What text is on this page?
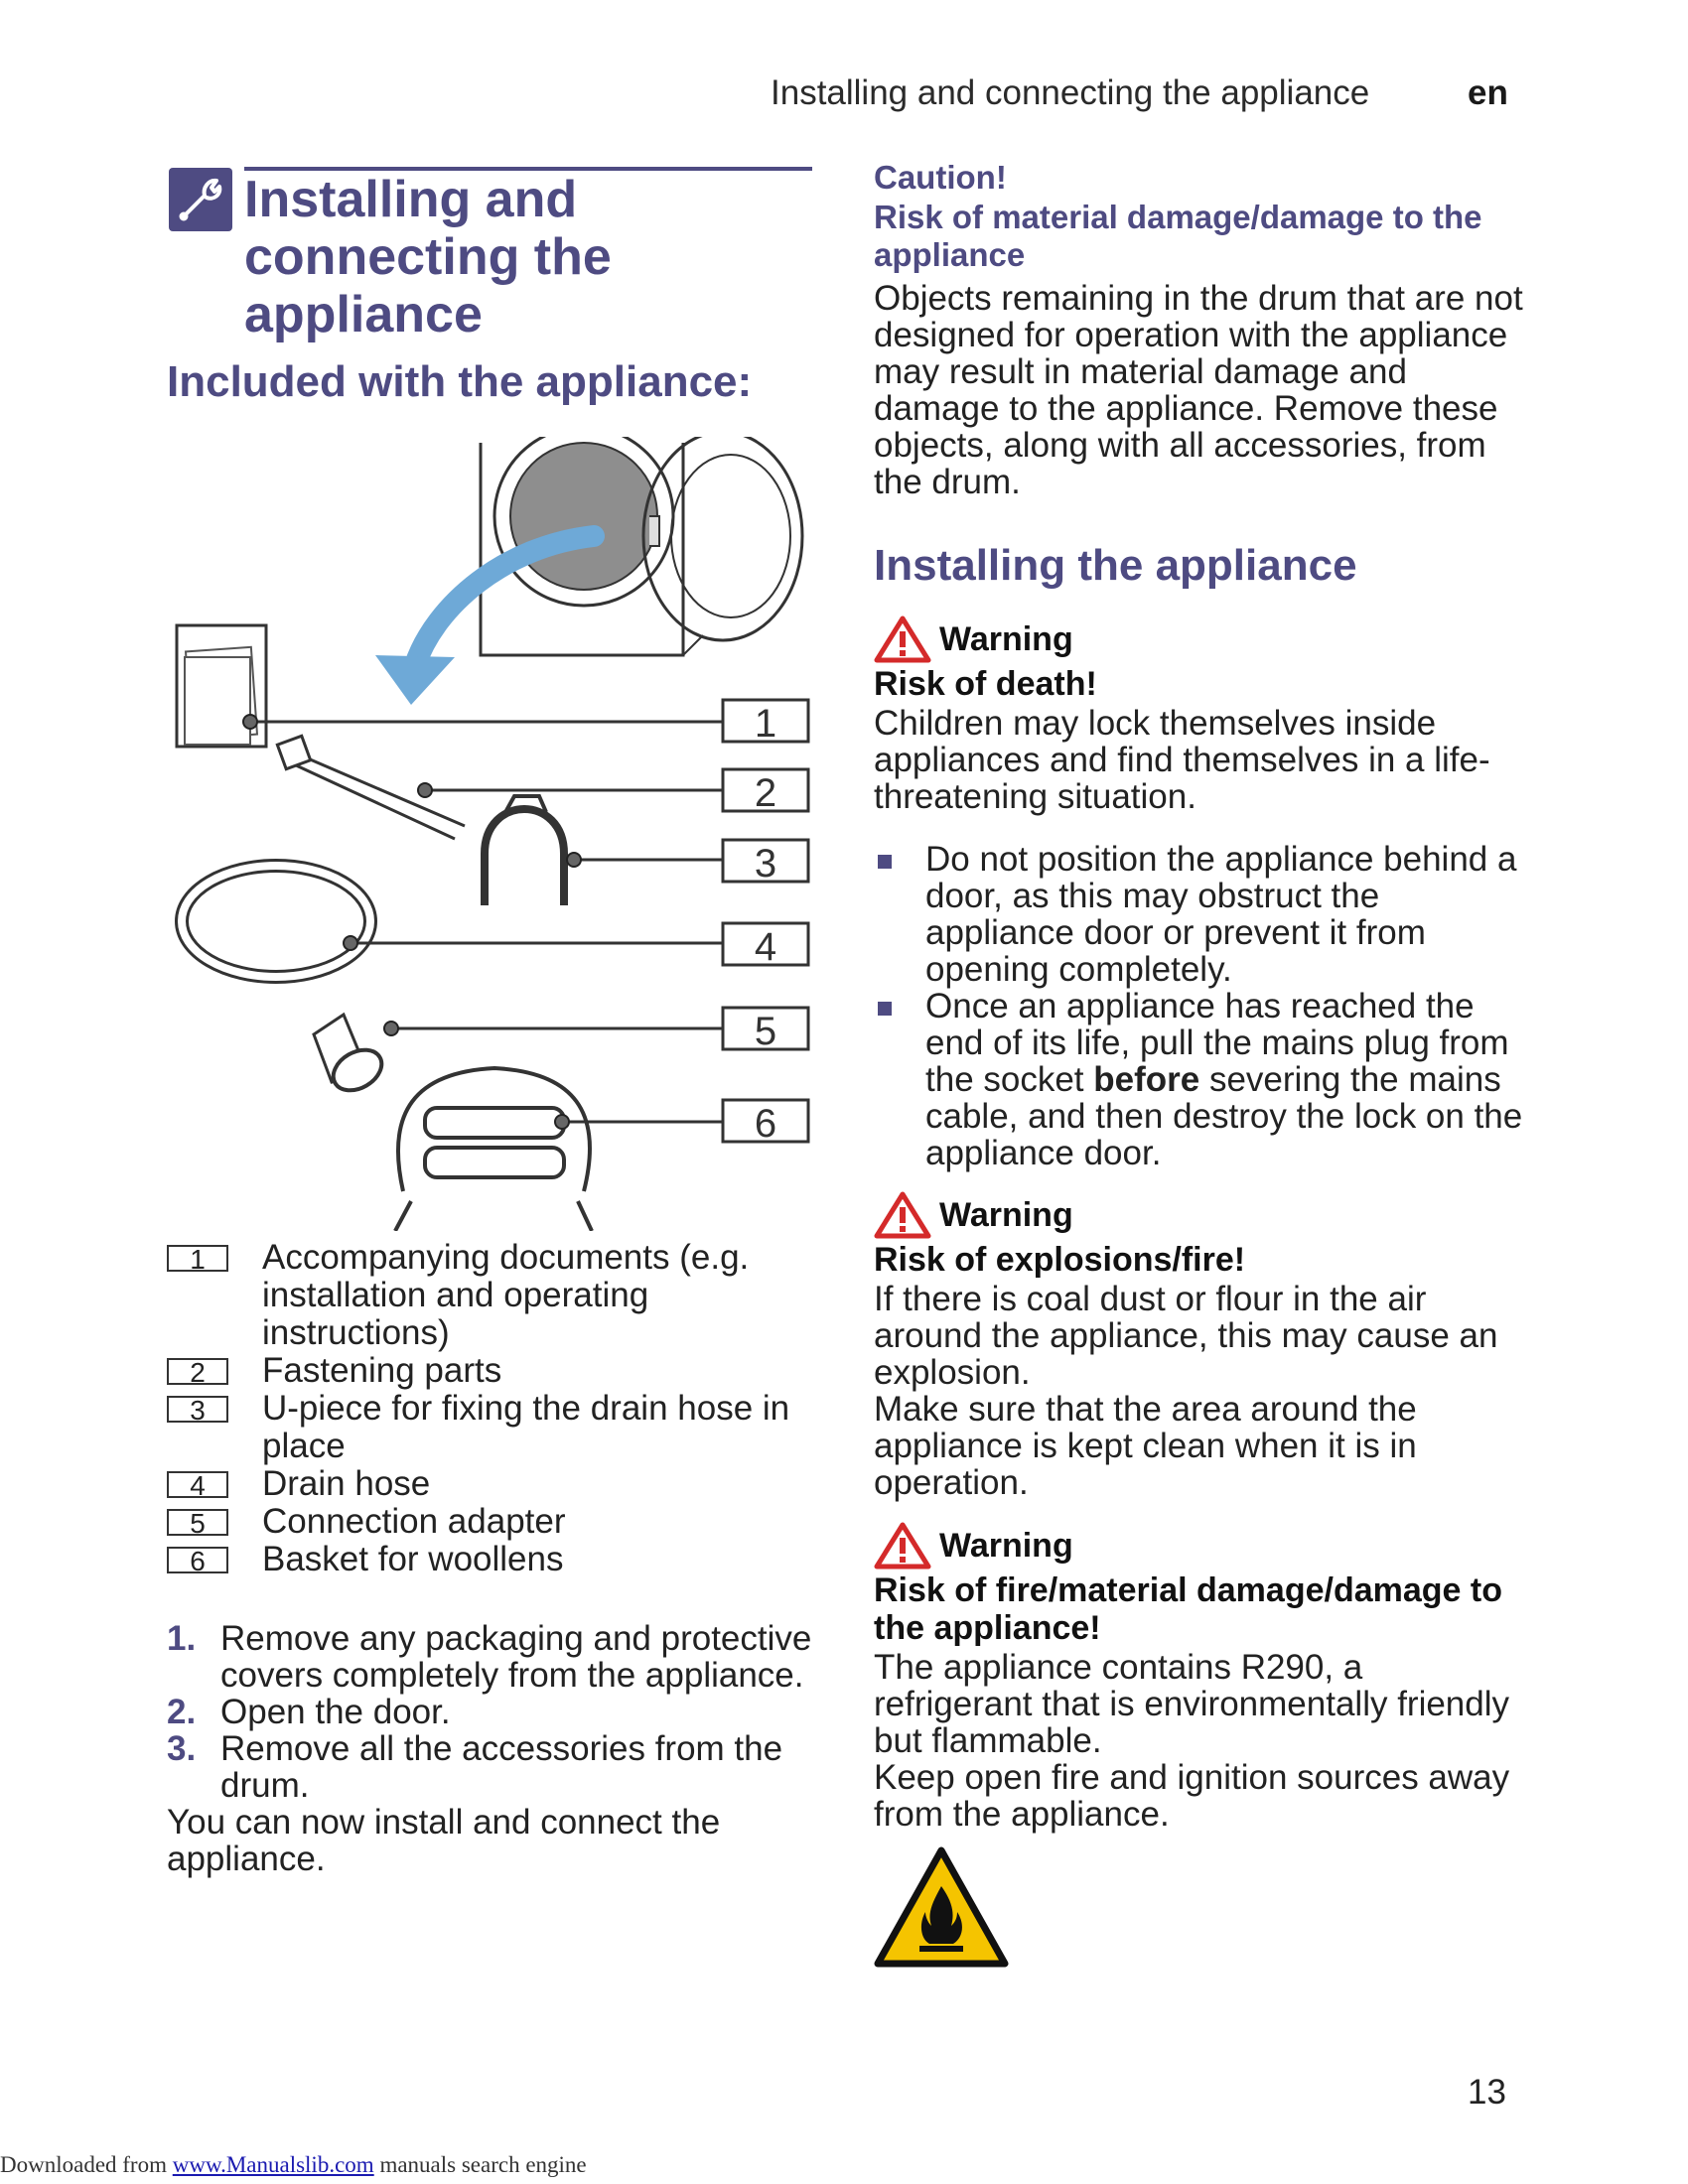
Installing and connecting the appliance	en
Installing and
connecting the
appliance
Included with the appliance:
1
2
3
4
5
6
1	Accompanying documents (e.g. installation and operating instructions)
2	Fastening parts
3	U-piece for fixing the drain hose in place
4	Drain hose
5	Connection adapter
6	Basket for woollens
1. Remove any packaging and protective covers completely from the appliance.
2. Open the door.
3. Remove all the accessories from the drum.
You can now install and connect the appliance.
Caution!
Risk of material damage/damage to the appliance
Objects remaining in the drum that are not designed for operation with the appliance may result in material damage and damage to the appliance. Remove these objects, along with all accessories, from the drum.
Installing the appliance
Warning
Risk of death!
Children may lock themselves inside appliances and find themselves in a life-threatening situation.
Do not position the appliance behind a door, as this may obstruct the appliance door or prevent it from opening completely.
Once an appliance has reached the end of its life, pull the mains plug from the socket before severing the mains cable, and then destroy the lock on the appliance door.
Warning
Risk of explosions/fire!
If there is coal dust or flour in the air around the appliance, this may cause an explosion.
Make sure that the area around the appliance is kept clean when it is in operation.
Warning
Risk of fire/material damage/damage to the appliance!
The appliance contains R290, a refrigerant that is environmentally friendly but flammable.
Keep open fire and ignition sources away from the appliance.
13
Downloaded from www.Manualslib.com manuals search engine
